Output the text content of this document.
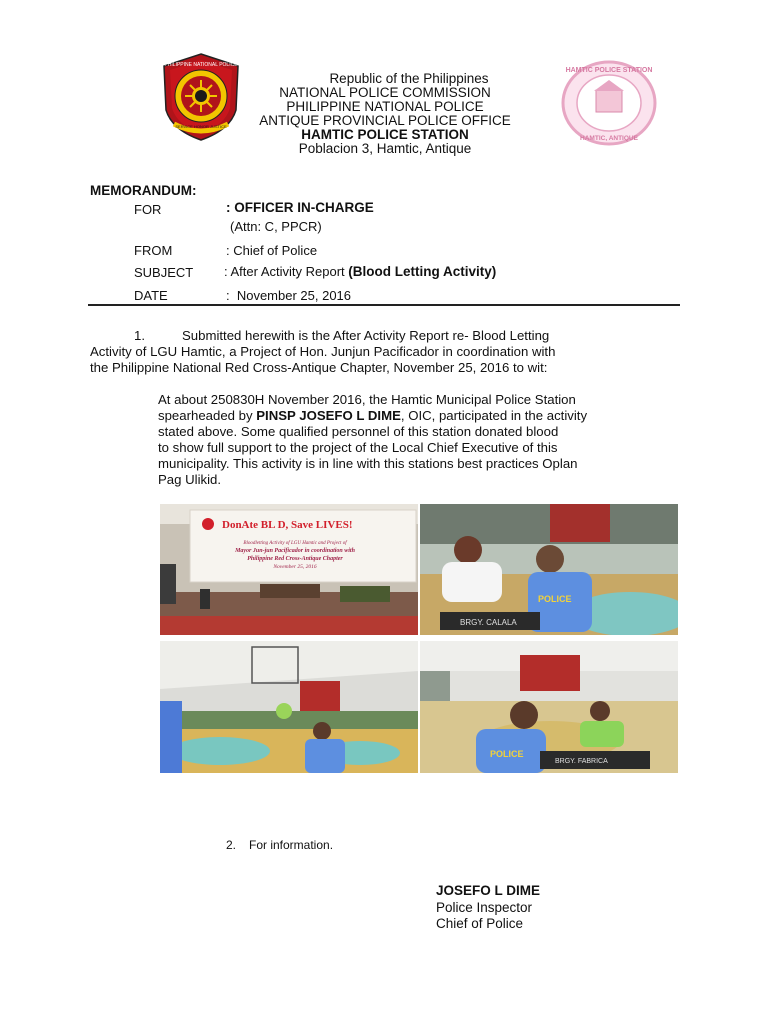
PHILIPPINE NATIONAL POLICE
SERVICE HONOR JUSTICE
HAMTIC POLICE STATION
HAMTIC, ANTIQUE
Republic of the Philippines
NATIONAL POLICE COMMISSION
PHILIPPINE NATIONAL POLICE
ANTIQUE PROVINCIAL POLICE OFFICE
HAMTIC POLICE STATION
Poblacion 3, Hamtic, Antique
MEMORANDUM:
FOR	: OFFICER IN-CHARGE
(Attn: C, PPCR)
FROM	: Chief of Police
SUBJECT : After Activity Report (Blood Letting Activity)
DATE	:  November 25, 2016
1.	Submitted herewith is the After Activity Report re- Blood Letting
Activity of LGU Hamtic, a Project of Hon. Junjun Pacificador in coordination with
the Philippine National Red Cross-Antique Chapter, November 25, 2016 to wit:
At about 250830H November 2016, the Hamtic Municipal Police Station
spearheaded by PINSP JOSEFO L DIME, OIC, participated in the activity
stated above. Some qualified personnel of this station donated blood
to show full support to the project of the Local Chief Executive of this
municipality. This activity is in line with this stations best practices Oplan
Pag Ulikid.
DonAte BL D, Save LIVES!
Bloodletting Activity of LGU Hamtic and Project of
Mayor Jun-jun Pacificador in coordination with
Philippine Red Cross-Antique Chapter
November 25, 2016
POLICE
BRGY. CALALA
POLICE
BRGY. FABRICA
2. For information.
JOSEFO L DIME
Police Inspector
Chief of Police
